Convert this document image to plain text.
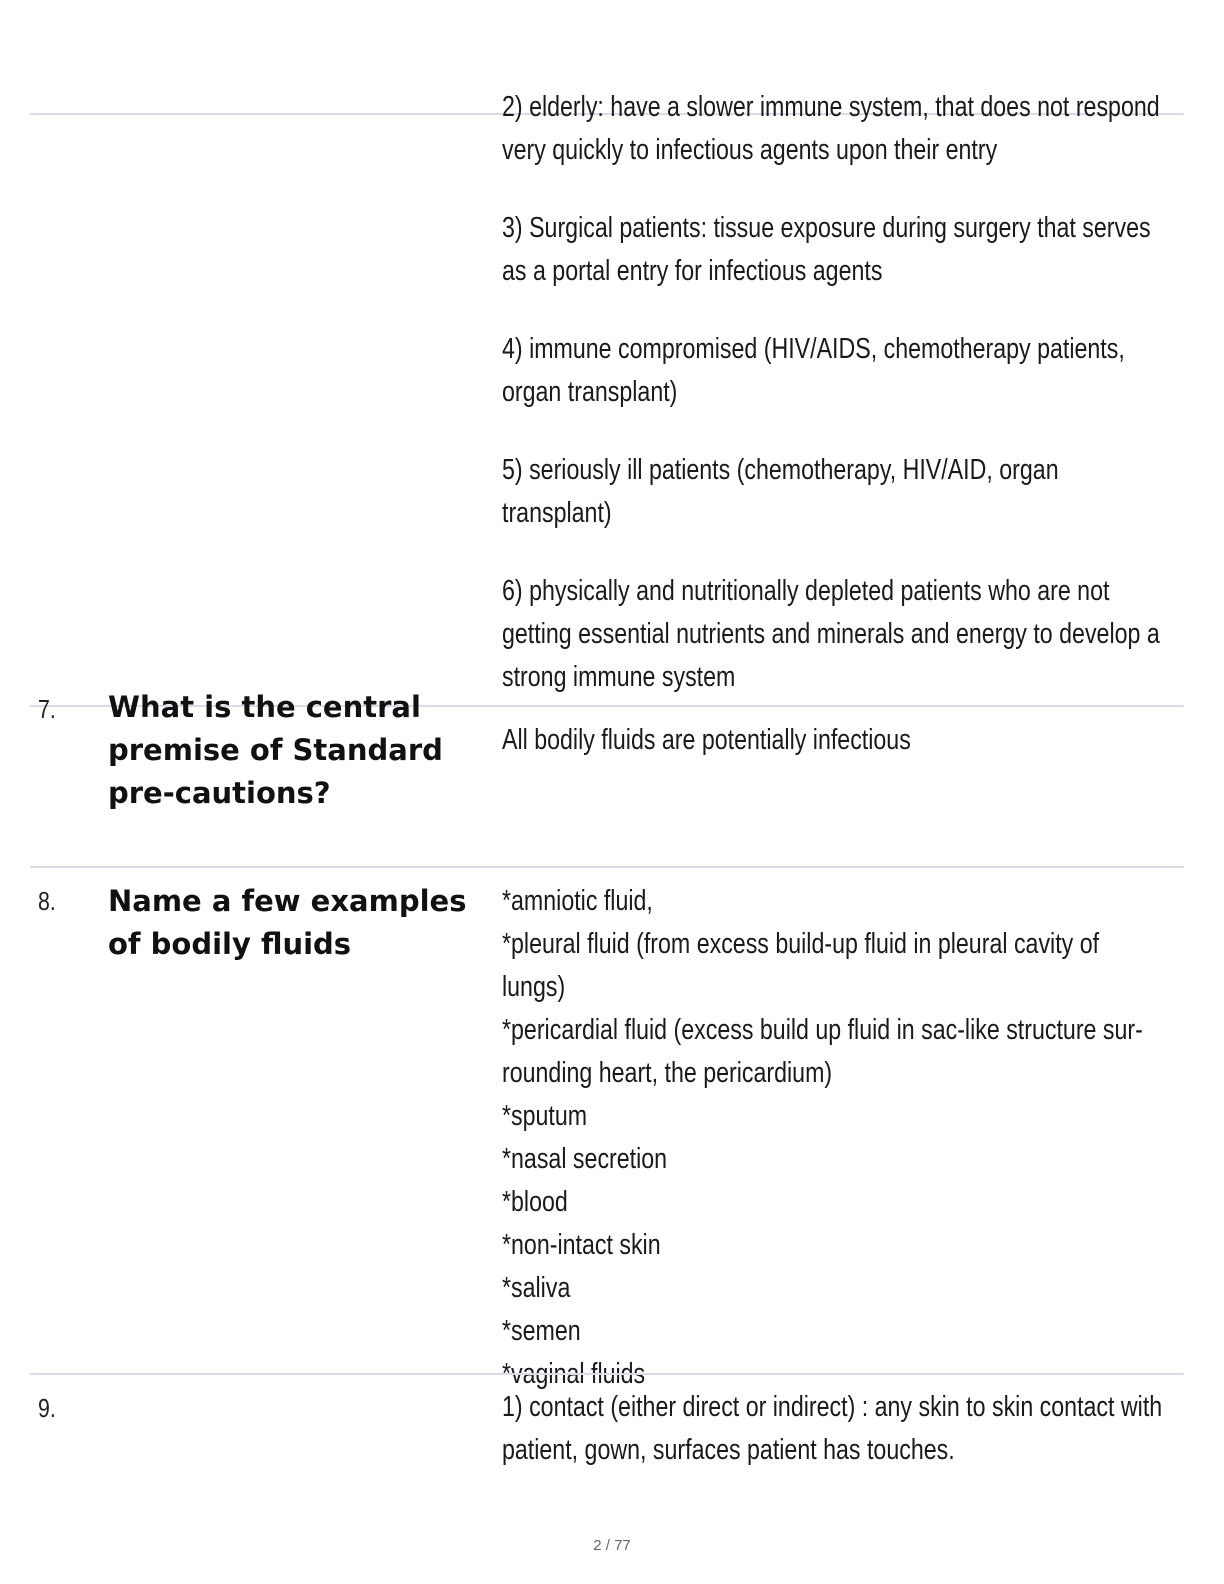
2) elderly: have a slower immune system, that does not respond very quickly to infectious agents upon their entry

3) Surgical patients: tissue exposure during surgery that serves as a portal entry for infectious agents

4) immune compromised (HIV/AIDS, chemotherapy patients, organ transplant)

5) seriously ill patients (chemotherapy, HIV/AID, organ transplant)

6) physically and nutritionally depleted patients who are not getting essential nutrients and minerals and energy to develop a strong immune system

7. What is the central premise of Standard pre-cautions?

All bodily fluids are potentially infectious

8. Name a few examples of bodily fluids
*amniotic fluid,
*pleural fluid (from excess build-up fluid in pleural cavity of lungs)
*pericardial fluid (excess build up fluid in sac-like structure sur-rounding heart, the pericardium)
*sputum
*nasal secretion
*blood
*non-intact skin
*saliva
*semen
*vaginal fluids
9.	1) contact (either direct or indirect) : any skin to skin contact with patient, gown, surfaces patient has touches.

2 / 77
